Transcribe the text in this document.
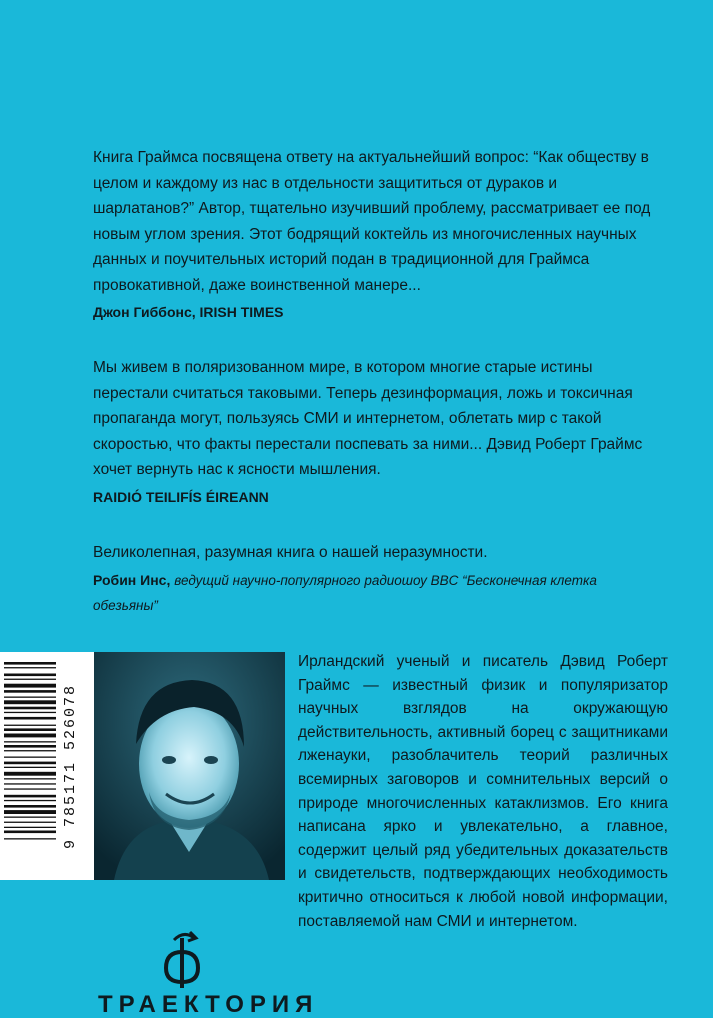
Книга Граймса посвящена ответу на актуальнейший вопрос: “Как обществу в целом и каждому из нас в отдельности защититься от дураков и шарлатанов?” Автор, тщательно изучивший проблему, рассматривает ее под новым углом зрения. Этот бодрящий коктейль из многочисленных научных данных и поучительных историй подан в традиционной для Граймса провокативной, даже воинственной манере...

Джон Гиббонс, IRISH TIMES

Мы живем в поляризованном мире, в котором многие старые истины перестали считаться таковыми. Теперь дезинформация, ложь и токсичная пропаганда могут, пользуясь СМИ и интернетом, облетать мир с такой скоростью, что факты перестали поспевать за ними... Дэвид Роберт Граймс хочет вернуть нас к ясности мышления.

RAIDIÓ TEILIFÍS ÉIREANN

Великолепная, разумная книга о нашей неразумности.

Робин Инс, ведущий научно-популярного радиошоу BBC “Бесконечная клетка обезьяны”
9 785171 526078

Ирландский ученый и писатель Дэвид Роберт Граймс — известный физик и популяризатор научных взглядов на окружающую действительность, активный борец с защитниками лженауки, разоблачитель теорий различных всемирных заговоров и сомнительных версий о природе многочисленных катаклизмов. Его книга написана ярко и увлекательно, а главное, содержит целый ряд убедительных доказательств и свидетельств, подтверждающих необходимость критично относиться к любой новой информации, поставляемой нам СМИ и интернетом.

ТРАЕКТОРИЯ
